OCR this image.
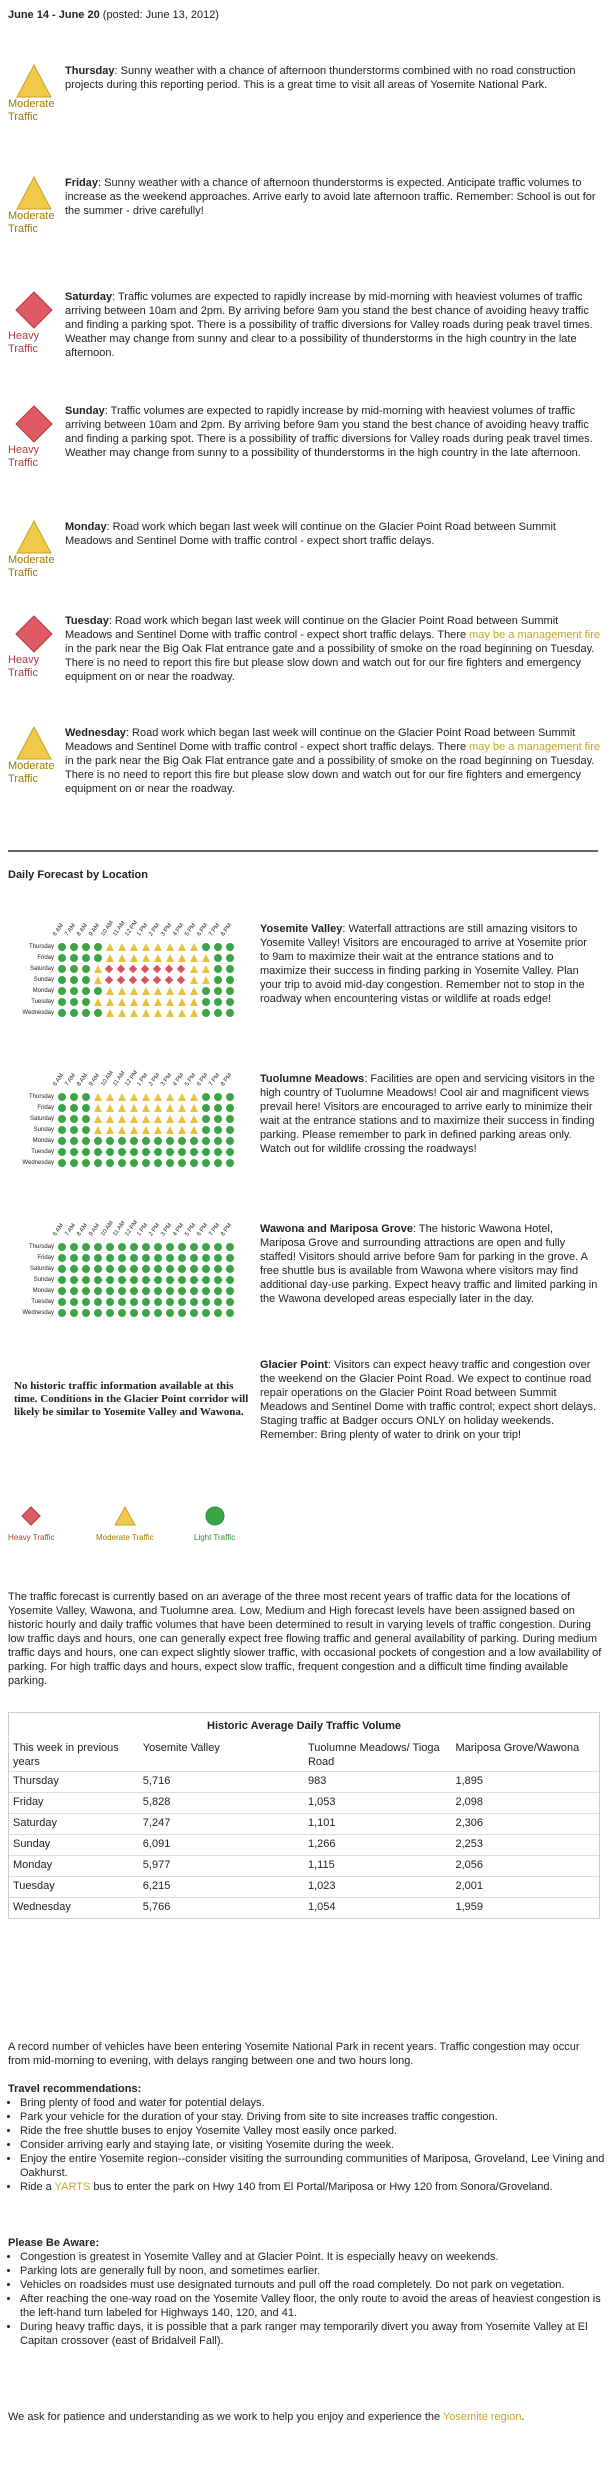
June 14 - June 20 (posted: June 13, 2012)
Moderate Traffic
Thursday: Sunny weather with a chance of afternoon thunderstorms combined with no road construction projects during this reporting period. This is a great time to visit all areas of Yosemite National Park.
Moderate Traffic
Friday: Sunny weather with a chance of afternoon thunderstorms is expected. Anticipate traffic volumes to increase as the weekend approaches. Arrive early to avoid late afternoon traffic. Remember: School is out for the summer - drive carefully!
Heavy Traffic
Saturday: Traffic volumes are expected to rapidly increase by mid-morning with heaviest volumes of traffic arriving between 10am and 2pm. By arriving before 9am you stand the best chance of avoiding heavy traffic and finding a parking spot. There is a possibility of traffic diversions for Valley roads during peak travel times. Weather may change from sunny and clear to a possibility of thunderstorms in the high country in the late afternoon.
Heavy Traffic
Sunday: Traffic volumes are expected to rapidly increase by mid-morning with heaviest volumes of traffic arriving between 10am and 2pm. By arriving before 9am you stand the best chance of avoiding heavy traffic and finding a parking spot. There is a possibility of traffic diversions for Valley roads during peak travel times. Weather may change from sunny to a possibility of thunderstorms in the high country in the late afternoon.
Moderate Traffic
Monday: Road work which began last week will continue on the Glacier Point Road between Summit Meadows and Sentinel Dome with traffic control - expect short traffic delays.
Heavy Traffic
Tuesday: Road work which began last week will continue on the Glacier Point Road between Summit Meadows and Sentinel Dome with traffic control - expect short traffic delays. There may be a management fire in the park near the Big Oak Flat entrance gate and a possibility of smoke on the road beginning on Tuesday. There is no need to report this fire but please slow down and watch out for our fire fighters and emergency equipment on or near the roadway.
Moderate Traffic
Wednesday: Road work which began last week will continue on the Glacier Point Road between Summit Meadows and Sentinel Dome with traffic control - expect short traffic delays. There may be a management fire in the park near the Big Oak Flat entrance gate and a possibility of smoke on the road beginning on Tuesday. There is no need to report this fire but please slow down and watch out for our fire fighters and emergency equipment on or near the roadway.
Daily Forecast by Location
6 AM 7 AM 8 AM 9 AM 10 AM
11 AM
12 PM
1 PM 2 PM 3 PM 4 PM 5 PM 6 PM 7 PM 8 PM
Thursday
Friday
Saturday
Sunday
Monday
Tuesday
Wednesday
6 AM 7 AM 8 AM 9 AM 10 AM
11 AM
12 PM
1 PM 2 PM 3 PM 4 PM 5 PM 6 PM 7 PM 8 PM
Thursday
Friday
Saturday
Sunday
Monday
Tuesday
Wednesday
6 AM 7 AM 8 AM 9 AM 10 AM
11 AM
12 PM
1 PM 2 PM 3 PM 4 PM 5 PM 6 PM 7 PM 8 PM
Thursday
Friday
Saturday
Sunday
Monday
Tuesday
Wednesday
Yosemite Valley: Waterfall attractions are still amazing visitors to Yosemite Valley! Visitors are encouraged to arrive at Yosemite prior to 9am to maximize their wait at the entrance stations and to maximize their success in finding parking in Yosemite Valley. Plan your trip to avoid mid-day congestion. Remember not to stop in the roadway when encountering vistas or wildlife at roads edge!
Tuolumne Meadows: Facilities are open and servicing visitors in the high country of Tuolumne Meadows! Cool air and magnificent views prevail here! Visitors are encouraged to arrive early to minimize their wait at the entrance stations and to maximize their success in finding parking. Please remember to park in defined parking areas only. Watch out for wildlife crossing the roadways!
Wawona and Mariposa Grove: The historic Wawona Hotel, Mariposa Grove and surrounding attractions are open and fully staffed! Visitors should arrive before 9am for parking in the grove. A free shuttle bus is available from Wawona where visitors may find additional day-use parking. Expect heavy traffic and limited parking in the Wawona developed areas especially later in the day.
Glacier Point: Visitors can expect heavy traffic and congestion over the weekend on the Glacier Point Road. We expect to continue road repair operations on the Glacier Point Road between Summit Meadows and Sentinel Dome with traffic control; expect short delays. Staging traffic at Badger occurs ONLY on holiday weekends. Remember: Bring plenty of water to drink on your trip!
No historic traffic information available at this time. Conditions in the Glacier Point corridor will likely be similar to Yosemite Valley and Wawona.

Heavy Traffic	Moderate Traffic	Light Traffic
The traffic forecast is currently based on an average of the three most recent years of traffic data for the locations of Yosemite Valley, Wawona, and Tuolumne area. Low, Medium and High forecast levels have been assigned based on historic hourly and daily traffic volumes that have been determined to result in varying levels of traffic congestion. During low traffic days and hours, one can generally expect free flowing traffic and general availability of parking. During medium traffic days and hours, one can expect slightly slower traffic, with occasional pockets of congestion and a low availability of parking. For high traffic days and hours, expect slow traffic, frequent congestion and a difficult time finding available parking.
Historic Average Daily Traffic Volume
This week in previous years	Yosemite Valley	Tuolumne Meadows/ Tioga Road	Mariposa Grove/Wawona
Thursday	5,716	983	1,895
Friday	5,828	1,053	2,098
Saturday	7,247	1,101	2,306
Sunday	6,091	1,266	2,253
Monday	5,977	1,115	2,056
Tuesday	6,215	1,023	2,001
Wednesday	5,766	1,054	1,959
A record number of vehicles have been entering Yosemite National Park in recent years. Traffic congestion may occur from mid-morning to evening, with delays ranging between one and two hours long.
Travel recommendations:
• Bring plenty of food and water for potential delays.
• Park your vehicle for the duration of your stay. Driving from site to site increases traffic congestion.
• Ride the free shuttle buses to enjoy Yosemite Valley most easily once parked.
• Consider arriving early and staying late, or visiting Yosemite during the week.
• Enjoy the entire Yosemite region--consider visiting the surrounding communities of Mariposa, Groveland, Lee Vining and Oakhurst.
• Ride a YARTS bus to enter the park on Hwy 140 from El Portal/Mariposa or Hwy 120 from Sonora/Groveland.
Please Be Aware:
• Congestion is greatest in Yosemite Valley and at Glacier Point. It is especially heavy on weekends.
• Parking lots are generally full by noon, and sometimes earlier.
• Vehicles on roadsides must use designated turnouts and pull off the road completely. Do not park on vegetation.
• After reaching the one-way road on the Yosemite Valley floor, the only route to avoid the areas of heaviest congestion is the left-hand turn labeled for Highways 140, 120, and 41.
• During heavy traffic days, it is possible that a park ranger may temporarily divert you away from Yosemite Valley at El Capitan crossover (east of Bridalveil Fall).
We ask for patience and understanding as we work to help you enjoy and experience the Yosemite region.
